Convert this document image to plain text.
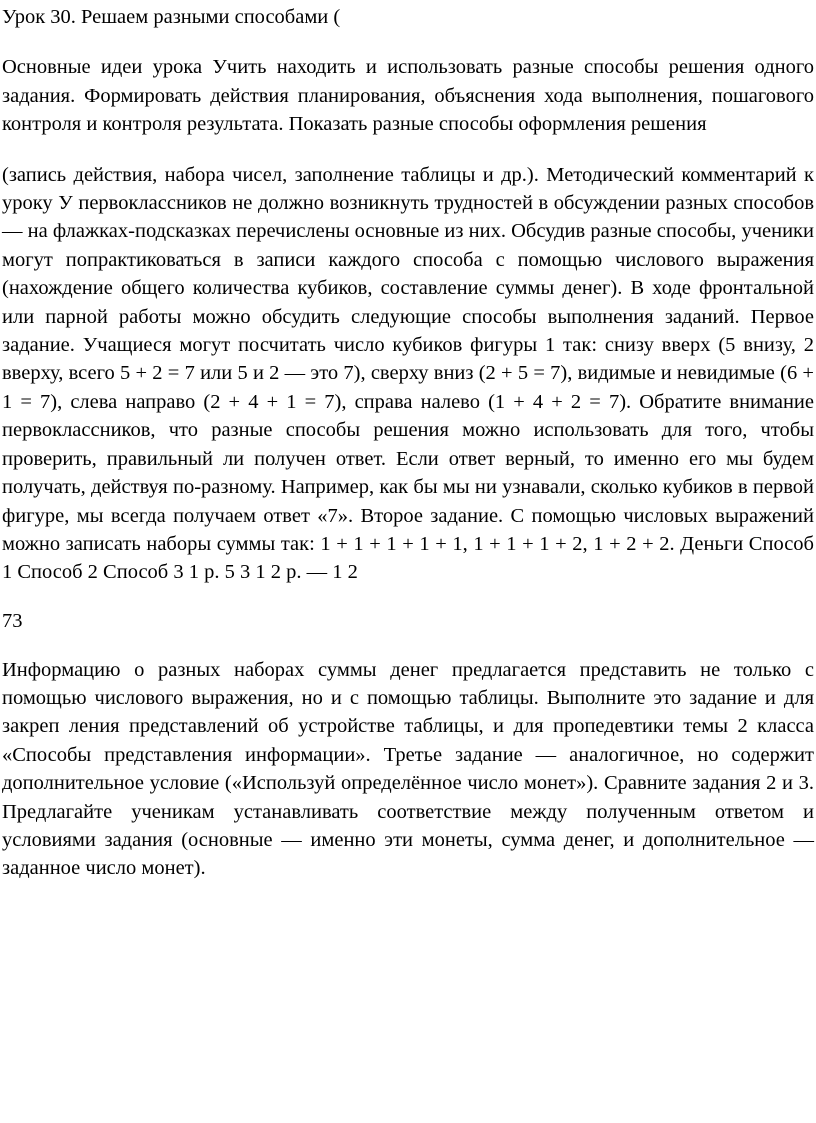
Урок 30. Решаем разными способами (

Основные идеи урока Учить находить и использовать разные способы решения одного задания. Формировать действия планирования, объяснения хода выполнения, пошагового контроля и контроля результата. Показать разные способы оформления решения

(запись действия, набора чисел, заполнение таблицы и др.). Методический комментарий к уроку У первоклассников не должно возникнуть трудностей в обсуждении разных способов — на флажках-подсказках перечислены основные из них. Обсудив разные способы, ученики могут попрактиковаться в записи каждого способа с помощью числового выражения (нахождение общего количества кубиков, составление суммы денег). В ходе фронтальной или парной работы можно обсудить следующие способы выполнения заданий. Первое задание. Учащиеся могут посчитать число кубиков фигуры 1 так: снизу вверх (5 внизу, 2 вверху, всего 5 + 2 = 7 или 5 и 2 — это 7), сверху вниз (2 + 5 = 7), видимые и невидимые (6 + 1 = 7), слева направо (2 + 4 + 1 = 7), справа налево (1 + 4 + 2 = 7). Обратите внимание первоклассников, что разные способы решения можно использовать для того, чтобы проверить, правильный ли получен ответ. Если ответ верный, то именно его мы будем получать, действуя по-разному. Например, как бы мы ни узнавали, сколько кубиков в первой фигуре, мы всегда получаем ответ «7». Второе задание. С помощью числовых выражений можно записать наборы суммы так: 1 + 1 + 1 + 1 + 1, 1 + 1 + 1 + 2, 1 + 2 + 2. Деньги Способ 1 Способ 2 Способ 3 1 р. 5 3 1 2 р. — 1 2

73

Информацию о разных наборах суммы денег предлагается представить не только с помощью числового выражения, но и с помощью таблицы. Выполните это задание и для закреп ления представлений об устройстве таблицы, и для пропедевтики темы 2 класса «Способы представления информации». Третье задание — аналогичное, но содержит дополнительное условие («Используй определённое число монет»). Сравните задания 2 и 3. Предлагайте ученикам устанавливать соответствие между полученным ответом и условиями задания (основные — именно эти монеты, сумма денег, и дополнительное — заданное число монет).
